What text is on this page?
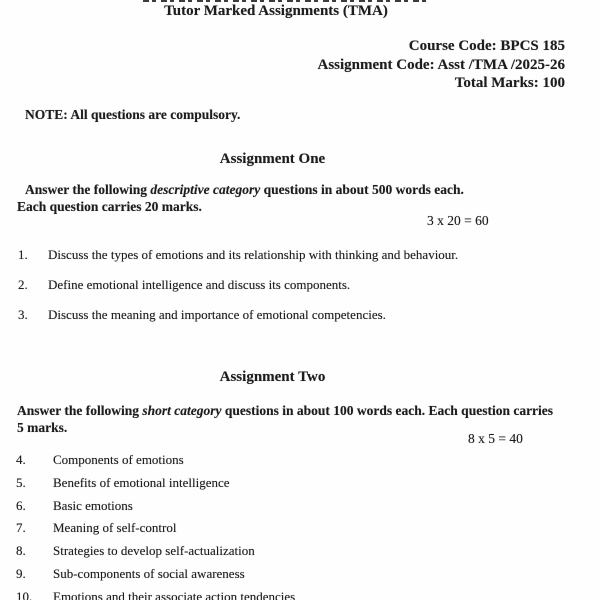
Tutor Marked Assignments (TMA)
Course Code: BPCS 185
Assignment Code: Asst /TMA /2025-26
Total Marks: 100
NOTE: All questions are compulsory.
Assignment One
Answer the following descriptive category questions in about 500 words each.
Each question carries 20 marks.
3 x 20 = 60
1. Discuss the types of emotions and its relationship with thinking and behaviour.
2. Define emotional intelligence and discuss its components.
3. Discuss the meaning and importance of emotional competencies.
Assignment Two
Answer the following short category questions in about 100 words each. Each question carries
5 marks.
8 x 5 = 40
4. Components of emotions
5. Benefits of emotional intelligence
6. Basic emotions
7. Meaning of self-control
8. Strategies to develop self-actualization
9. Sub-components of social awareness
10. Emotions and their associate action tendencies
